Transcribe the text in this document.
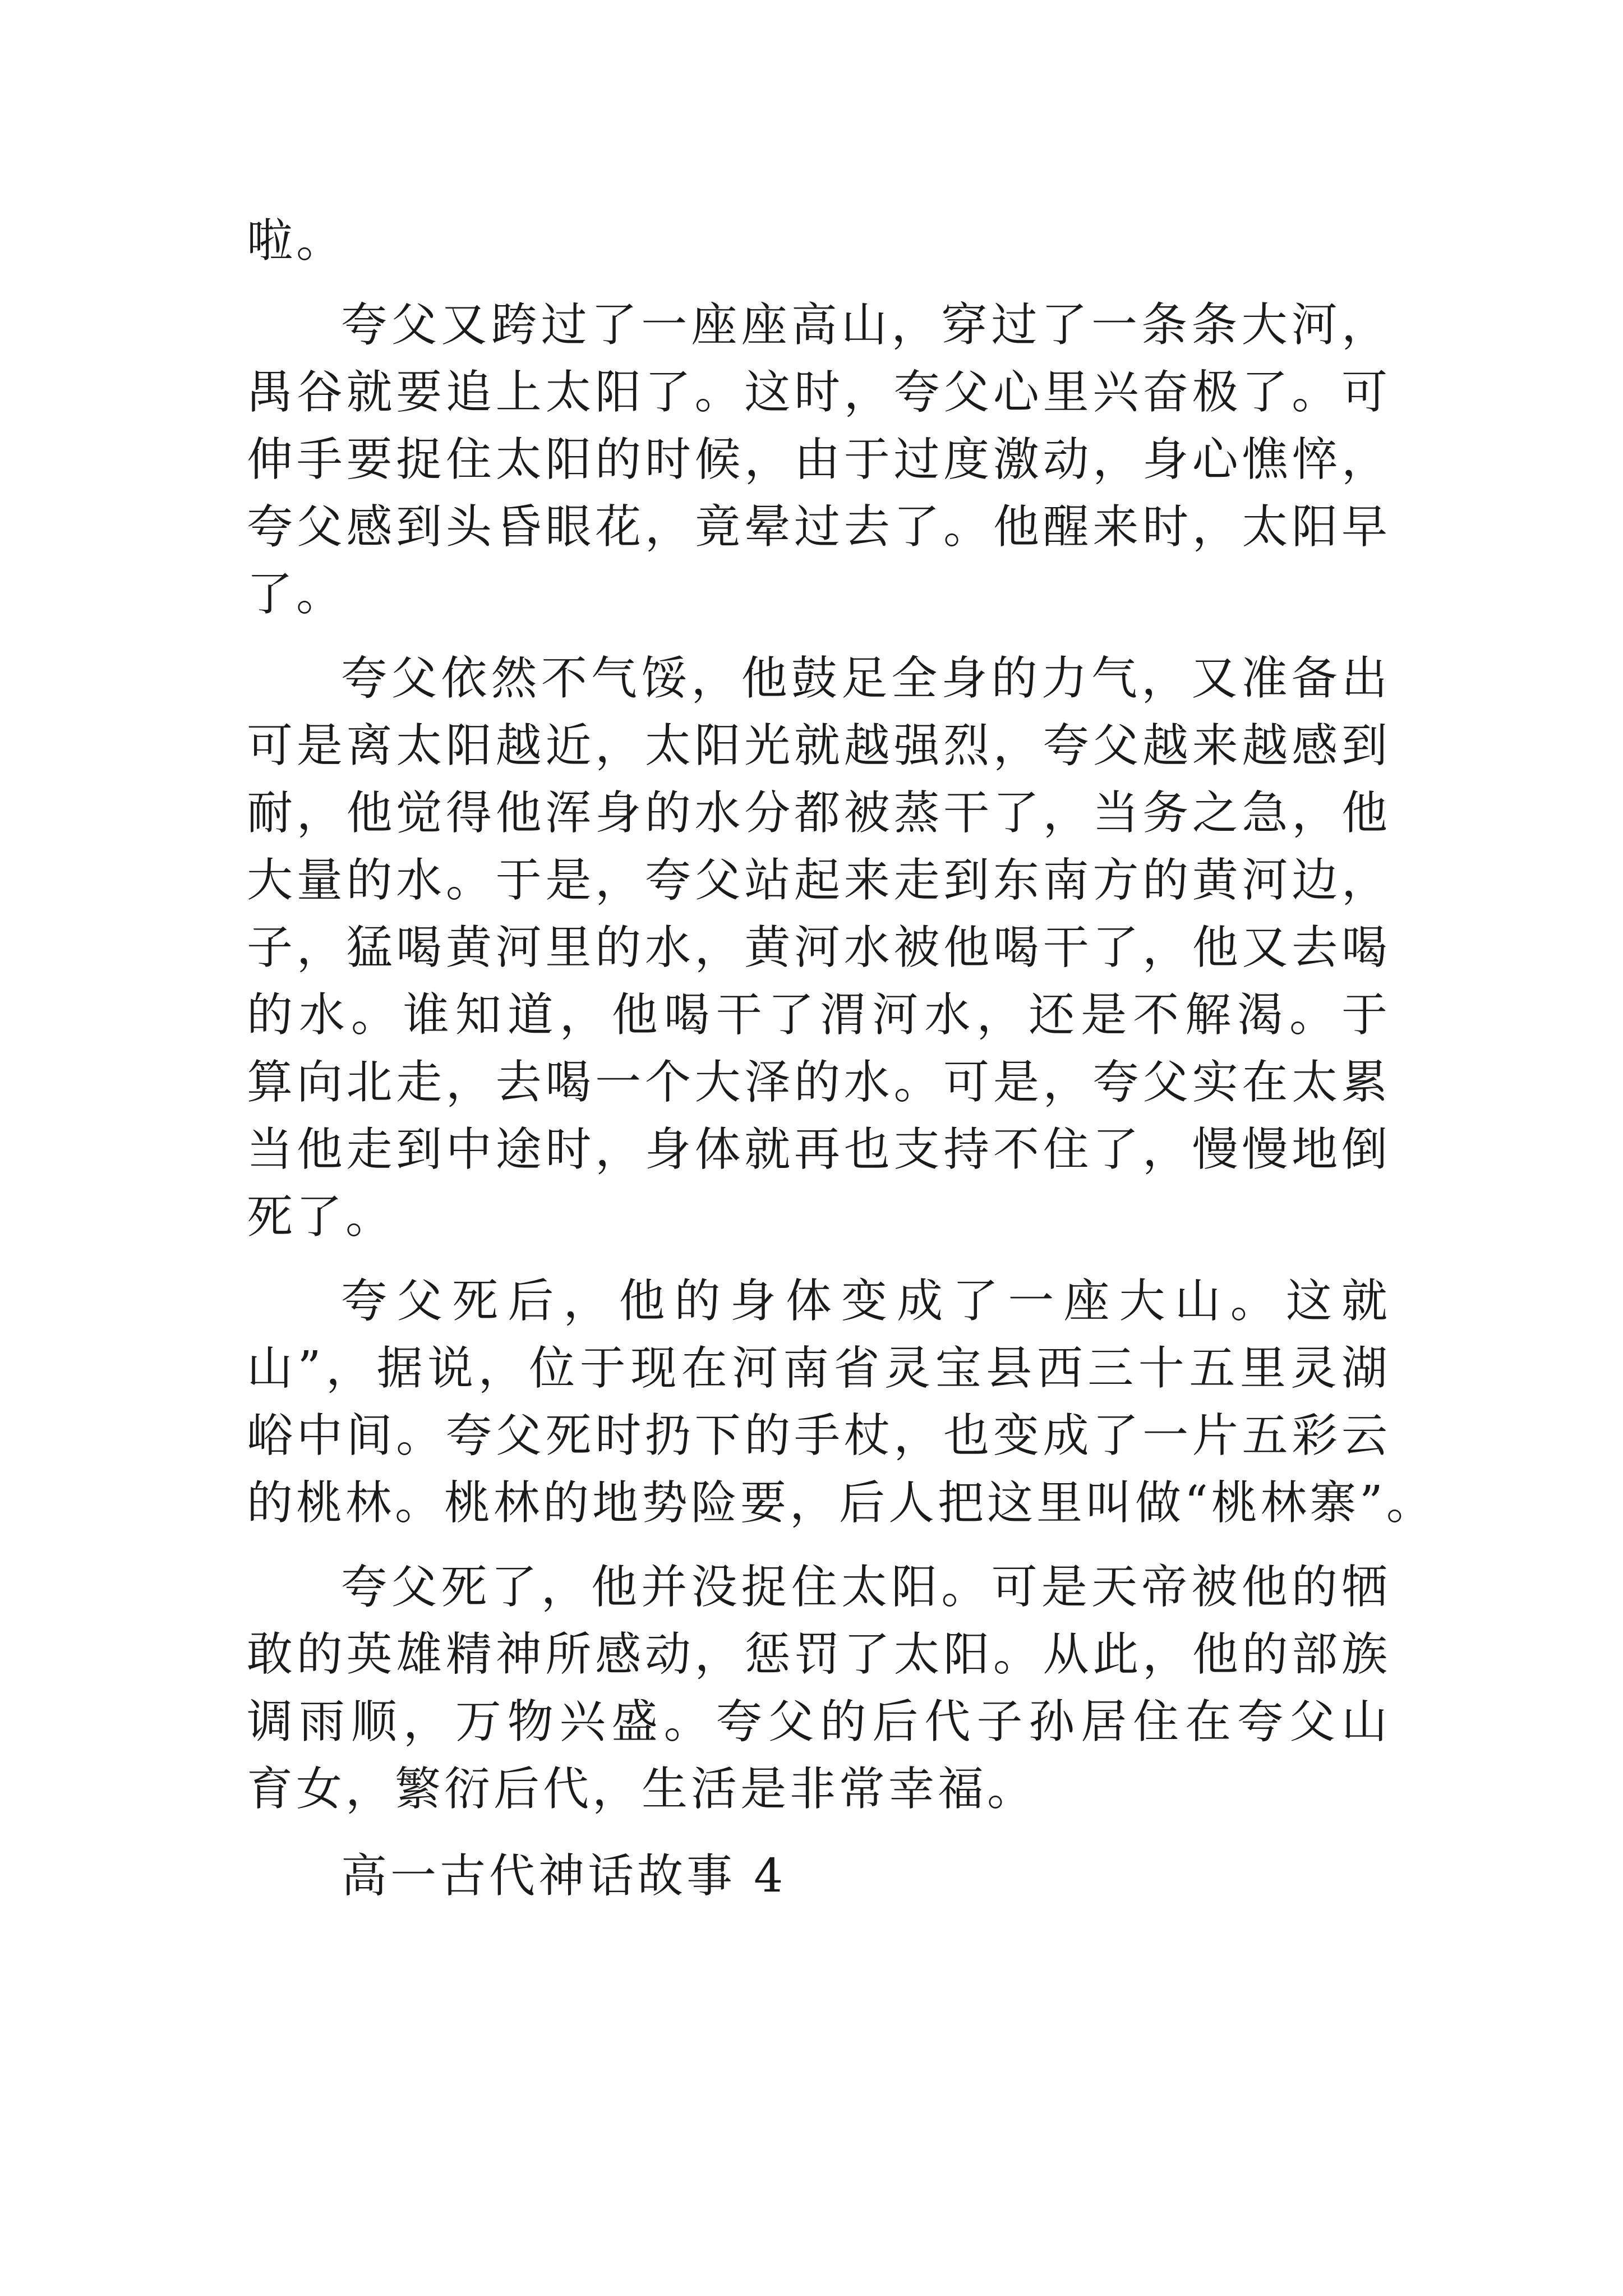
啦。
夸父又跨过了一座座高山，穿过了一条条大河，
禺谷就要追上太阳了。这时，夸父心里兴奋极了。可
伸手要捉住太阳的时候，由于过度激动，身心憔悴，
夸父感到头昏眼花，竟晕过去了。他醒来时，太阳早
了。
夸父依然不气馁，他鼓足全身的力气，又准备出
可是离太阳越近，太阳光就越强烈，夸父越来越感到
耐，他觉得他浑身的水分都被蒸干了，当务之急，他
大量的水。于是，夸父站起来走到东南方的黄河边，
子，猛喝黄河里的水，黄河水被他喝干了，他又去喝
的水。谁知道，他喝干了渭河水，还是不解渴。于
算向北走，去喝一个大泽的水。可是，夸父实在太累
当他走到中途时，身体就再也支持不住了，慢慢地倒
死了。
夸父死后，他的身体变成了一座大山。这就
山”，据说，位于现在河南省灵宝县西三十五里灵湖
峪中间。夸父死时扔下的手杖，也变成了一片五彩云
的桃林。桃林的地势险要，后人把这里叫做“桃林寨”。
夸父死了，他并没捉住太阳。可是天帝被他的牺
敢的英雄精神所感动，惩罚了太阳。从此，他的部族
调雨顺，万物兴盛。夸父的后代子孙居住在夸父山
育女，繁衍后代，生活是非常幸福。
高一古代神话故事 4
